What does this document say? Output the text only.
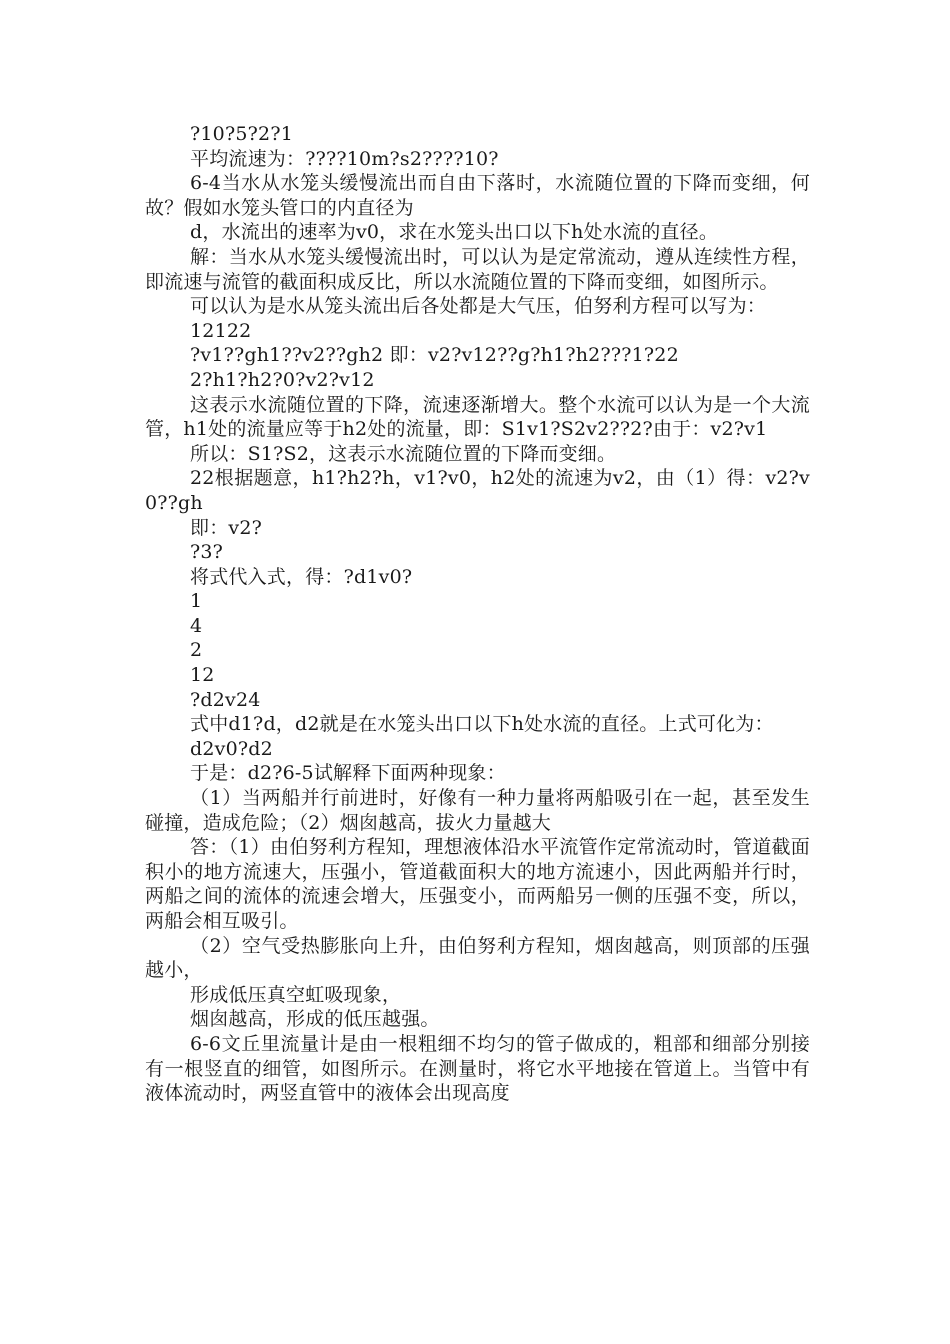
?10?5?2?1

平均流速为：????10m?s2????10?

6-4当水从水笼头缓慢流出而自由下落时，水流随位置的下降而变细，何故？假如水笼头管口的内直径为

d，水流出的速率为v0，求在水笼头出口以下h处水流的直径。

解：当水从水笼头缓慢流出时，可以认为是定常流动，遵从连续性方程，即流速与流管的截面积成反比，所以水流随位置的下降而变细，如图所示。

可以认为是水从笼头流出后各处都是大气压，伯努利方程可以写为：

12122

?v1??gh1??v2??gh2 即：v2?v12??g?h1?h2???1?22

2?h1?h2?0?v2?v12

这表示水流随位置的下降，流速逐渐增大。整个水流可以认为是一个大流管，h1处的流量应等于h2处的流量，即：S1v1?S2v2??2?由于：v2?v1

所以：S1?S2，这表示水流随位置的下降而变细。

22根据题意，h1?h2?h，v1?v0，h2处的流速为v2，由（1）得：v2?v0??gh

即：v2?

?3?

将式代入式，得：?d1v0?

1

4

2

12

?d2v24

式中d1?d，d2就是在水笼头出口以下h处水流的直径。上式可化为：

d2v0?d2

于是：d2?6-5试解释下面两种现象：

（1）当两船并行前进时，好像有一种力量将两船吸引在一起，甚至发生碰撞，造成危险；（2）烟囱越高，拔火力量越大

答：（1）由伯努利方程知，理想液体沿水平流管作定常流动时，管道截面积小的地方流速大，压强小，管道截面积大的地方流速小，因此两船并行时，两船之间的流体的流速会增大，压强变小，而两船另一侧的压强不变，所以，两船会相互吸引。

（2）空气受热膨胀向上升，由伯努利方程知，烟囱越高，则顶部的压强越小，

形成低压真空虹吸现象，

烟囱越高，形成的低压越强。

6-6文丘里流量计是由一根粗细不均匀的管子做成的，粗部和细部分别接有一根竖直的细管，如图所示。在测量时，将它水平地接在管道上。当管中有液体流动时，两竖直管中的液体会出现高度
